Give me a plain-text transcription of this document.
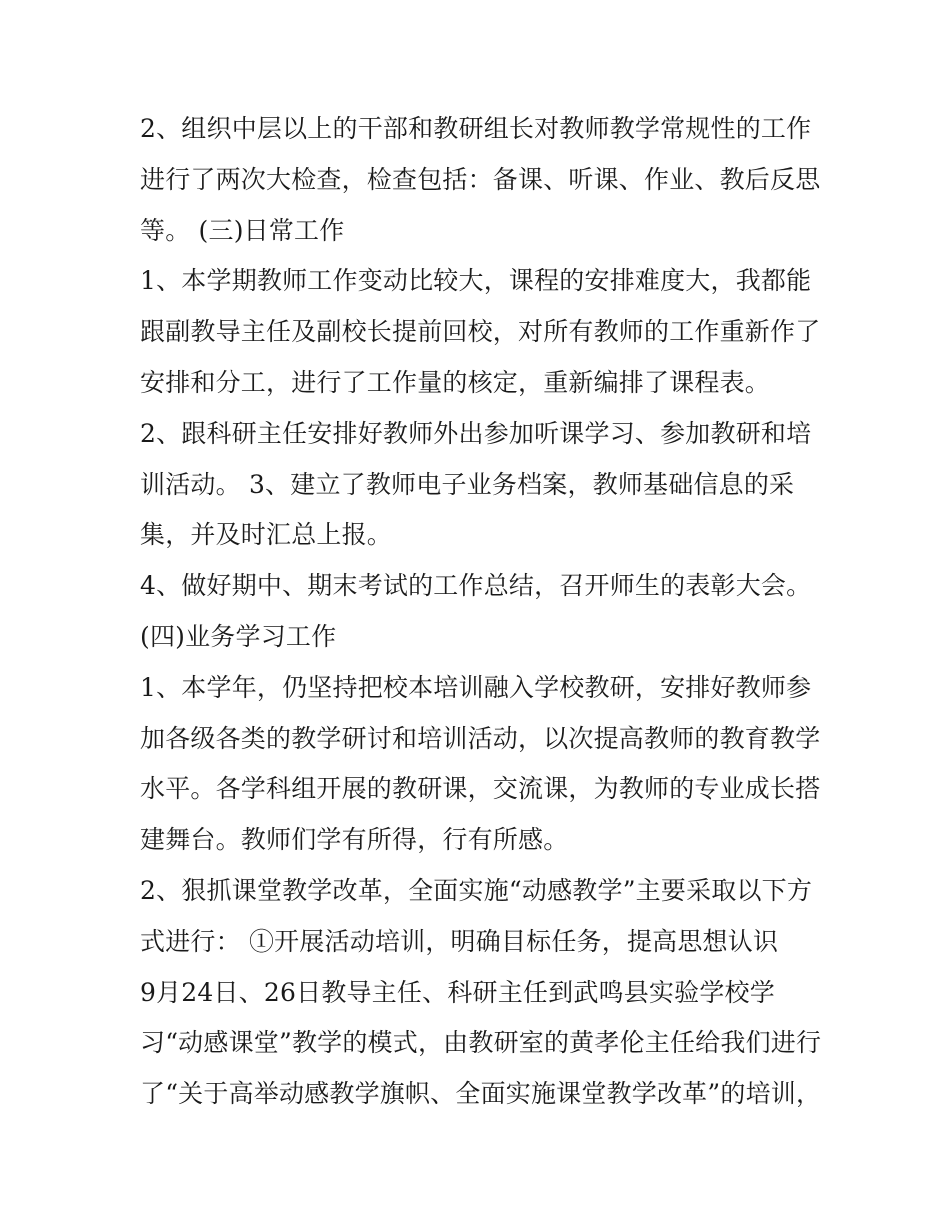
2、组织中层以上的干部和教研组长对教师教学常规性的工作
进行了两次大检查，检查包括：备课、听课、作业、教后反思
等。 (三)日常工作
1、本学期教师工作变动比较大，课程的安排难度大，我都能
跟副教导主任及副校长提前回校，对所有教师的工作重新作了
安排和分工，进行了工作量的核定，重新编排了课程表。
2、跟科研主任安排好教师外出参加听课学习、参加教研和培
训活动。 3、建立了教师电子业务档案，教师基础信息的采
集，并及时汇总上报。
4、做好期中、期末考试的工作总结，召开师生的表彰大会。
(四)业务学习工作
1、本学年，仍坚持把校本培训融入学校教研，安排好教师参
加各级各类的教学研讨和培训活动，以次提高教师的教育教学
水平。各学科组开展的教研课，交流课，为教师的专业成长搭
建舞台。教师们学有所得，行有所感。
2、狠抓课堂教学改革，全面实施“动感教学”主要采取以下方
式进行： ①开展活动培训，明确目标任务，提高思想认识
9月24日、26日教导主任、科研主任到武鸣县实验学校学
习“动感课堂”教学的模式，由教研室的黄孝伦主任给我们进行
了“关于高举动感教学旗帜、全面实施课堂教学改革”的培训，
